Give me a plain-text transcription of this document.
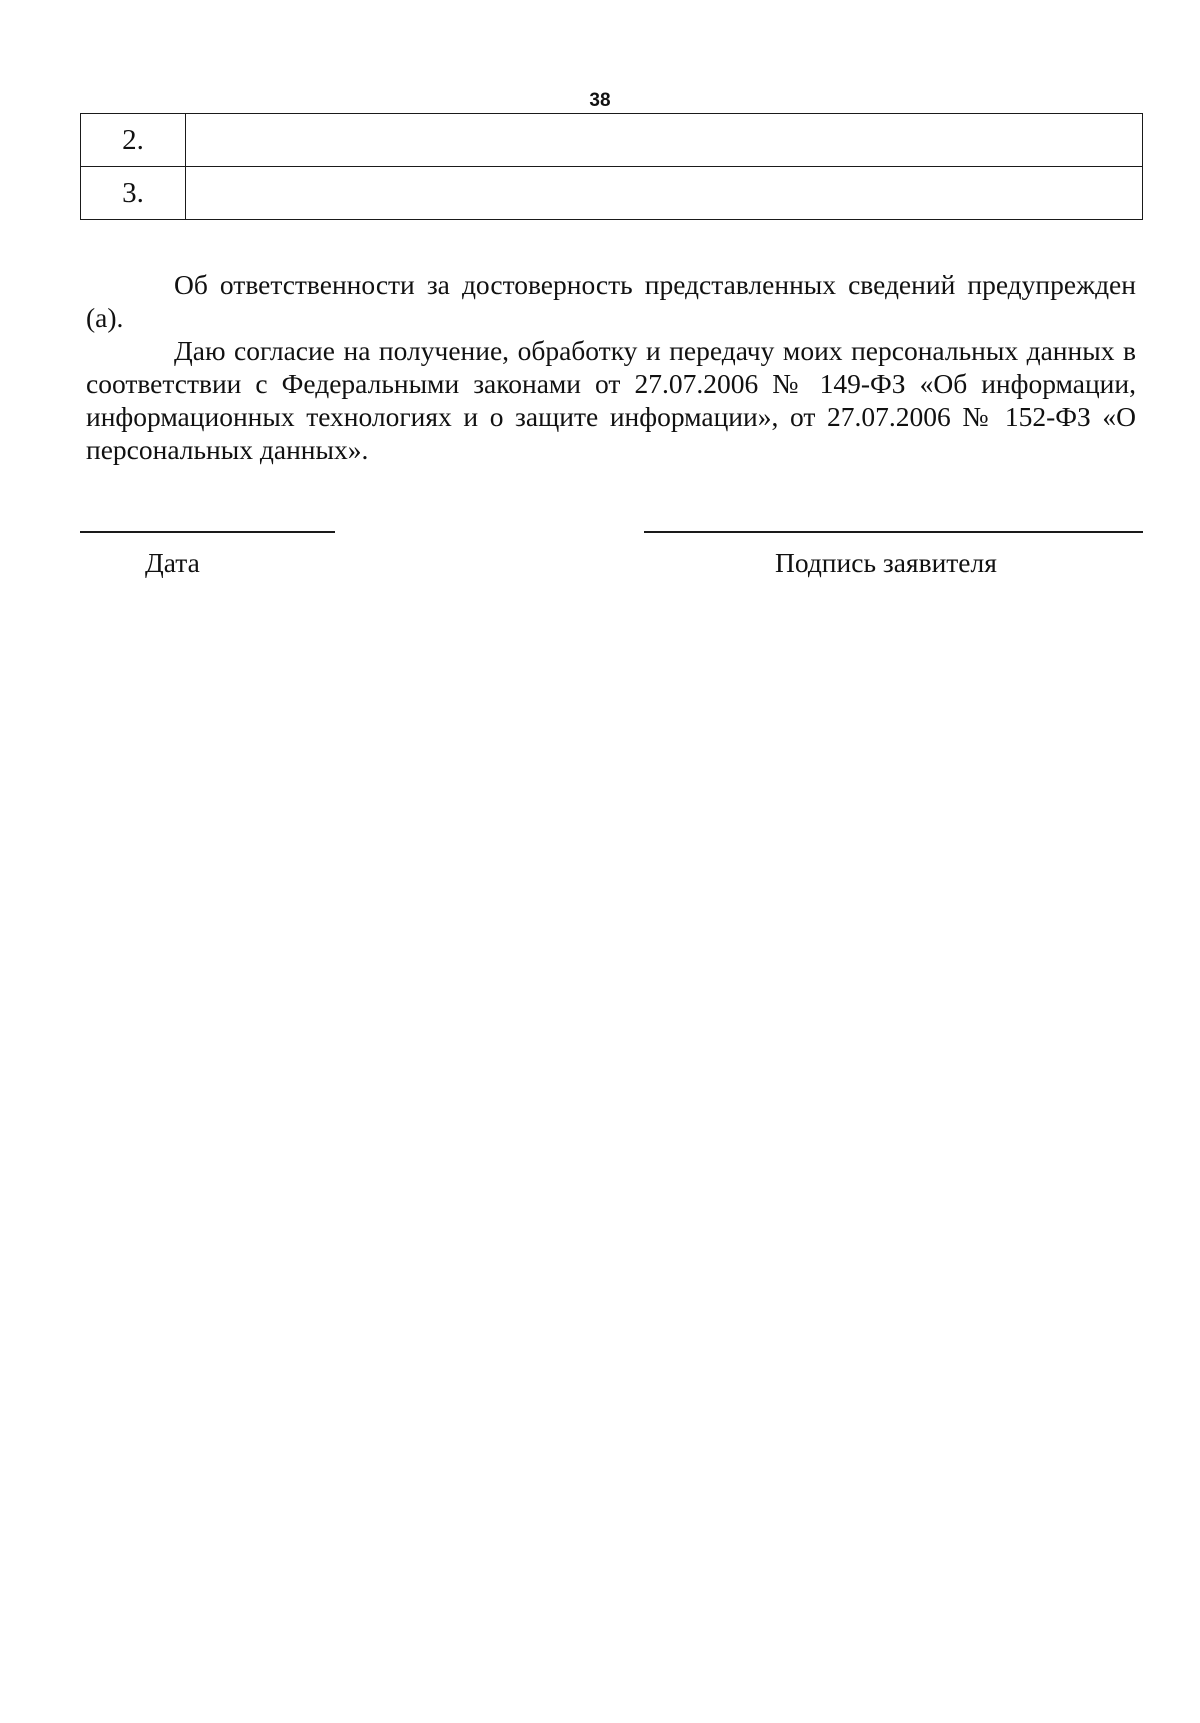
38
2.	
3.	

Об ответственности за достоверность представленных сведений предупрежден (а).

Даю согласие на получение, обработку и передачу моих персональных данных в соответствии с Федеральными законами от 27.07.2006 № 149-ФЗ «Об информации, информационных технологиях и о защите информации», от 27.07.2006 № 152-ФЗ «О персональных данных».

Дата	Подпись заявителя
